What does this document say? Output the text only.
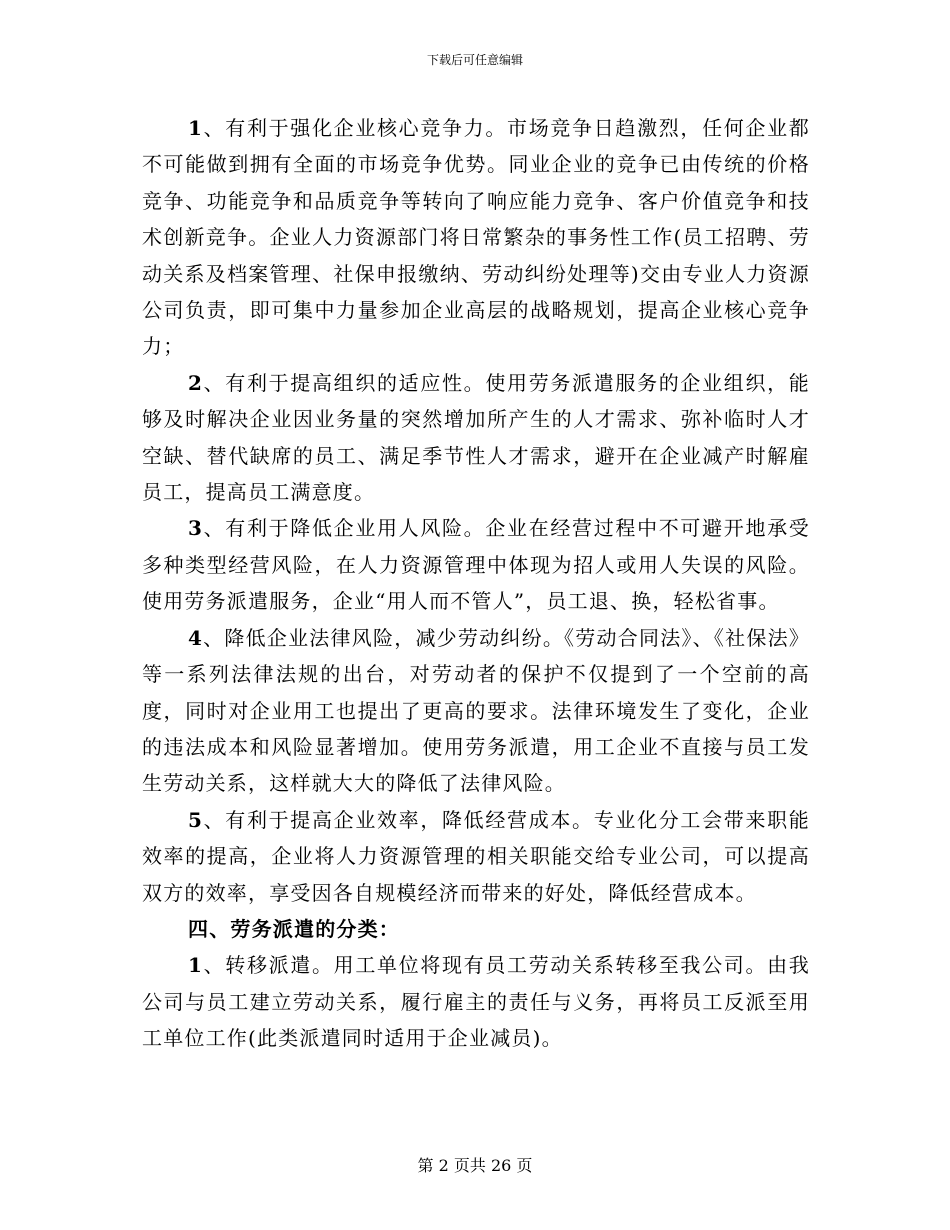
下载后可任意编辑

1、有利于强化企业核心竞争力。市场竞争日趋激烈，任何企业都不可能做到拥有全面的市场竞争优势。同业企业的竞争已由传统的价格竞争、功能竞争和品质竞争等转向了响应能力竞争、客户价值竞争和技术创新竞争。企业人力资源部门将日常繁杂的事务性工作(员工招聘、劳动关系及档案管理、社保申报缴纳、劳动纠纷处理等)交由专业人力资源公司负责，即可集中力量参加企业高层的战略规划，提高企业核心竞争力；

2、有利于提高组织的适应性。使用劳务派遣服务的企业组织，能够及时解决企业因业务量的突然增加所产生的人才需求、弥补临时人才空缺、替代缺席的员工、满足季节性人才需求，避开在企业减产时解雇员工，提高员工满意度。

3、有利于降低企业用人风险。企业在经营过程中不可避开地承受多种类型经营风险，在人力资源管理中体现为招人或用人失误的风险。使用劳务派遣服务，企业“用人而不管人”，员工退、换，轻松省事。

4、降低企业法律风险，减少劳动纠纷。《劳动合同法》、《社保法》等一系列法律法规的出台，对劳动者的保护不仅提到了一个空前的高度，同时对企业用工也提出了更高的要求。法律环境发生了变化，企业的违法成本和风险显著增加。使用劳务派遣，用工企业不直接与员工发生劳动关系，这样就大大的降低了法律风险。

5、有利于提高企业效率，降低经营成本。专业化分工会带来职能效率的提高，企业将人力资源管理的相关职能交给专业公司，可以提高双方的效率，享受因各自规模经济而带来的好处，降低经营成本。

四、劳务派遣的分类：

1、转移派遣。用工单位将现有员工劳动关系转移至我公司。由我公司与员工建立劳动关系，履行雇主的责任与义务，再将员工反派至用工单位工作(此类派遣同时适用于企业减员)。

第 2 页共 26 页
